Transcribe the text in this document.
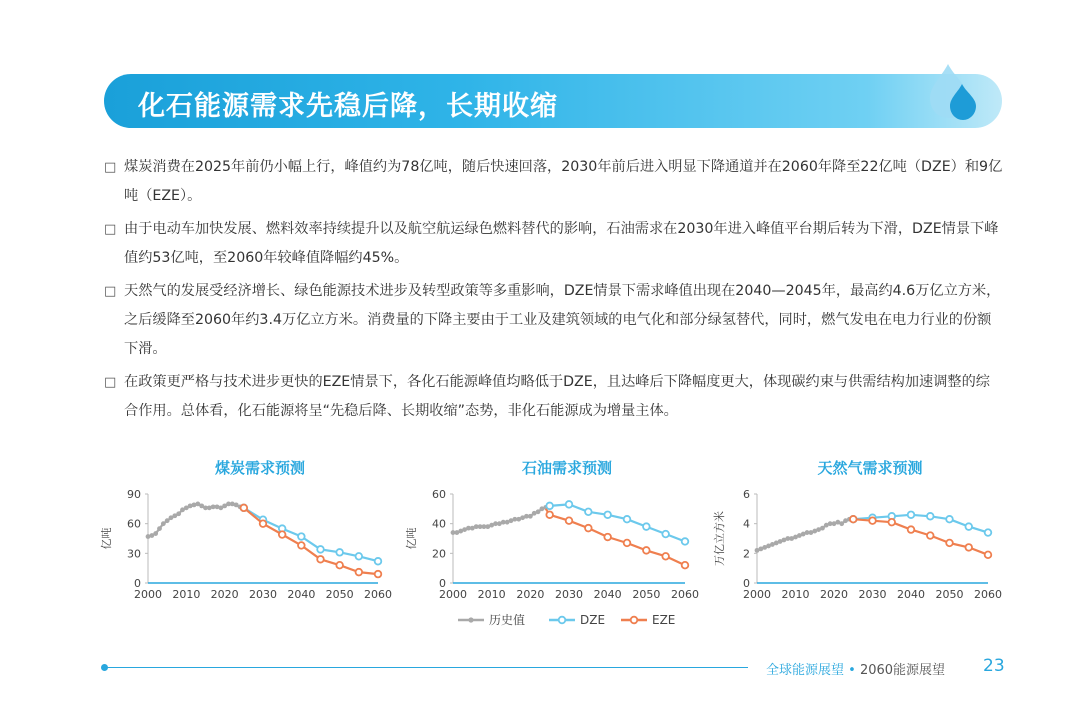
化石能源需求先稳后降，长期收缩
□ 煤炭消费在2025年前仍小幅上行，峰值约为78亿吨，随后快速回落，2030年前后进入明显下降通道并在2060年降至22亿吨（DZE）和9亿吨（EZE）。
□ 由于电动车加快发展、燃料效率持续提升以及航空航运绿色燃料替代的影响，石油需求在2030年进入峰值平台期后转为下滑，DZE情景下峰值约53亿吨，至2060年较峰值降幅约45%。
□ 天然气的发展受经济增长、绿色能源技术进步及转型政策等多重影响，DZE情景下需求峰值出现在2040—2045年，最高约4.6万亿立方米，之后缓降至2060年约3.4万亿立方米。消费量的下降主要由于工业及建筑领域的电气化和部分绿氢替代，同时，燃气发电在电力行业的份额下滑。
□ 在政策更严格与技术进步更快的EZE情景下，各化石能源峰值均略低于DZE，且达峰后下降幅度更大，体现碳约束与供需结构加速调整的综合作用。总体看，化石能源将呈“先稳后降、长期收缩”态势，非化石能源成为增量主体。
煤炭需求预测	石油需求预测	天然气需求预测
0
30
60
90
2000 2010 2020 2030 2040 2050 2060
亿吨
0
20
40
60
2000 2010 2020 2030 2040 2050 2060
亿吨
0
2
4
6
2000 2010 2020 2030 2040 2050 2060
万亿立方米
历史值	DZE	EZE
全球能源展望 • 2060能源展望 23
